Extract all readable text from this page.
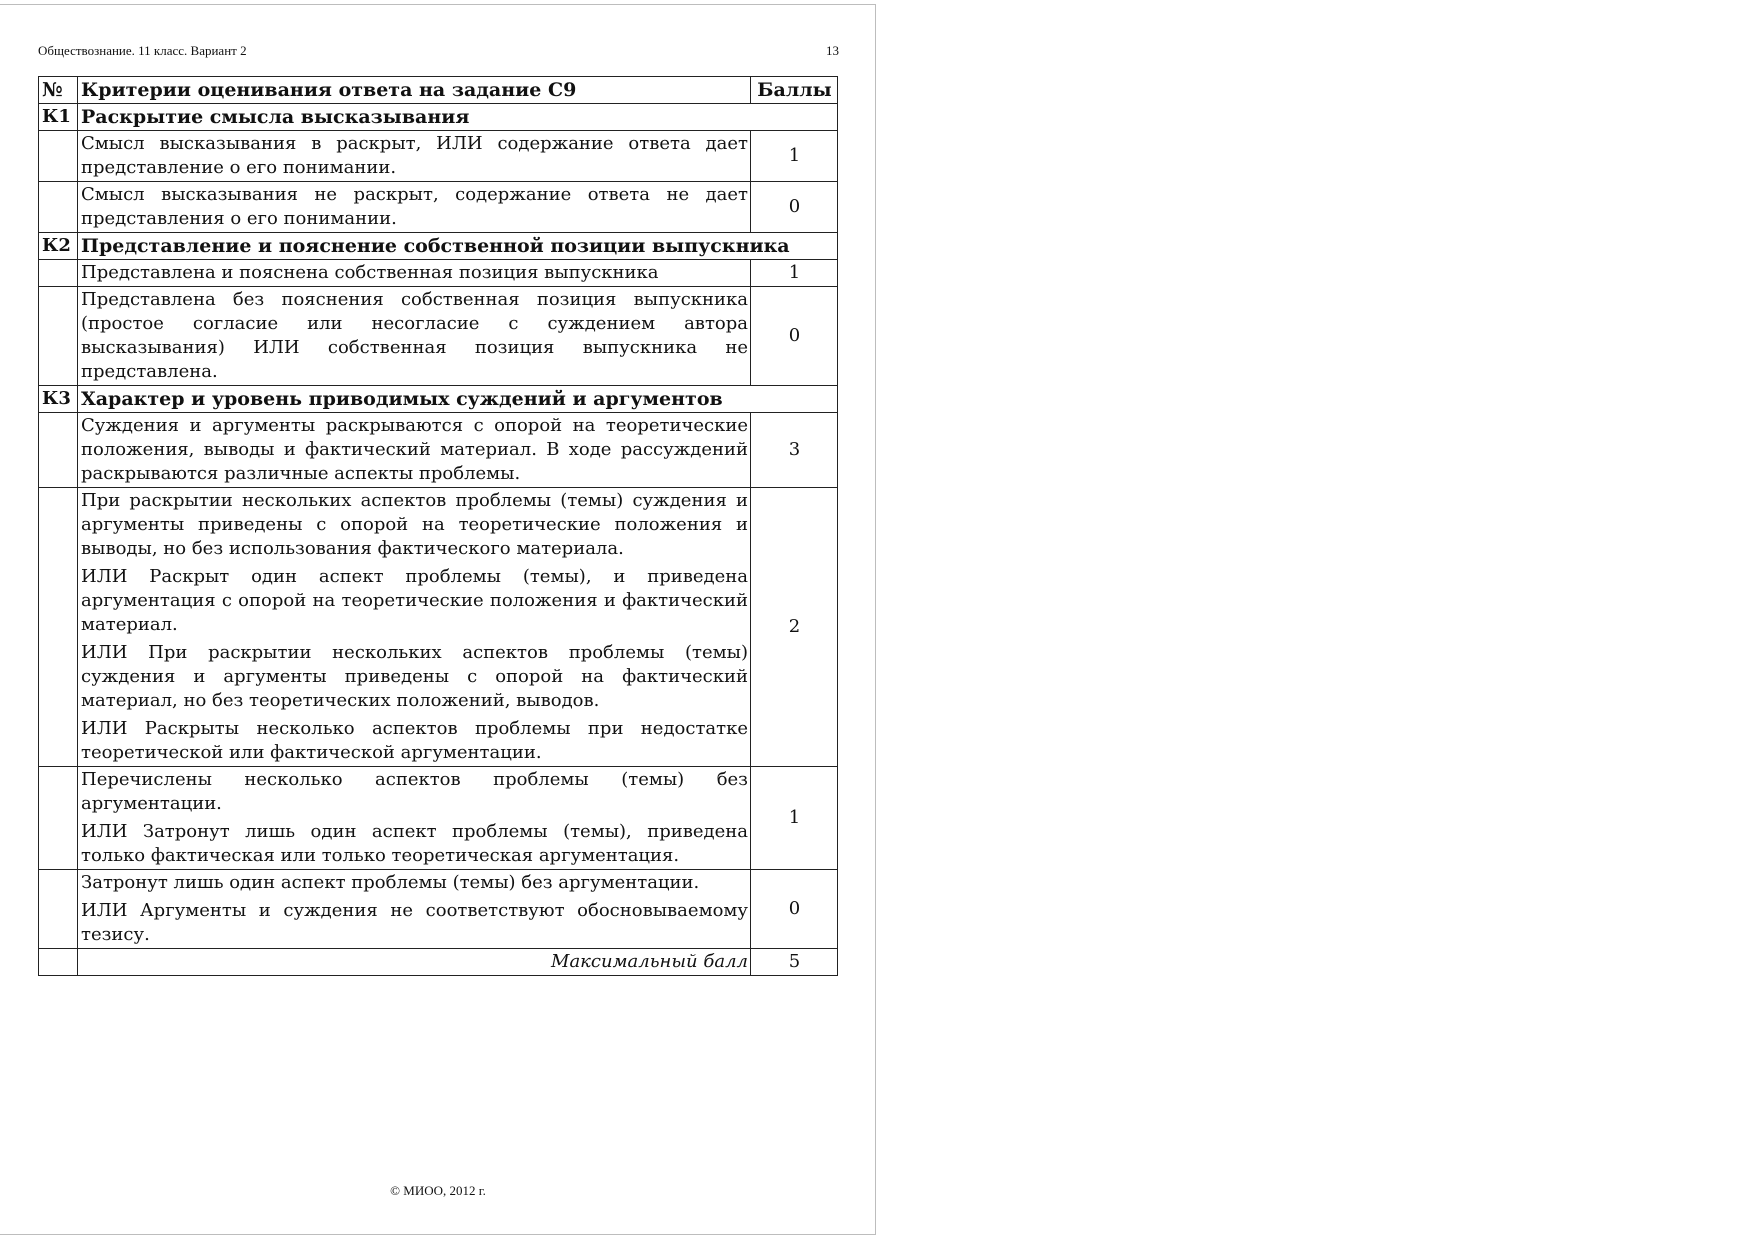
Обществознание. 11 класс. Вариант 2	13
№	Критерии оценивания ответа на задание С9	Баллы
К1	Раскрытие смысла высказывания	
	Смысл высказывания в раскрыт, ИЛИ содержание ответа дает представление о его понимании.	1
	Смысл высказывания не раскрыт, содержание ответа не дает представления о его понимании.	0
К2	Представление и пояснение собственной позиции выпускника	
	Представлена и пояснена собственная позиция выпускника	1
	Представлена без пояснения собственная позиция выпускника (простое согласие или несогласие с суждением автора высказывания) ИЛИ собственная позиция выпускника не представлена.	0
К3	Характер и уровень приводимых суждений и аргументов	
	Суждения и аргументы раскрываются с опорой на теоретические положения, выводы и фактический материал. В ходе рассуждений раскрываются различные аспекты проблемы.	3

	При раскрытии нескольких аспектов проблемы (темы) суждения и аргументы приведены с опорой на теоретические положения и выводы, но без использования фактического материала.
ИЛИ Раскрыт один аспект проблемы (темы), и приведена аргументация с опорой на теоретические положения и фактический материал.
ИЛИ При раскрытии нескольких аспектов проблемы (темы) суждения и аргументы приведены с опорой на фактический материал, но без теоретических положений, выводов.
ИЛИ Раскрыты несколько аспектов проблемы при недостатке теоретической или фактической аргументации.	2

	Перечислены несколько аспектов проблемы (темы) без аргументации.
ИЛИ Затронут лишь один аспект проблемы (темы), приведена только фактическая или только теоретическая аргументация.	1

	Затронут лишь один аспект проблемы (темы) без аргументации.
ИЛИ Аргументы и суждения не соответствуют обосновываемому тезису.	0
	Максимальный балл	5
© МИОО, 2012 г.
